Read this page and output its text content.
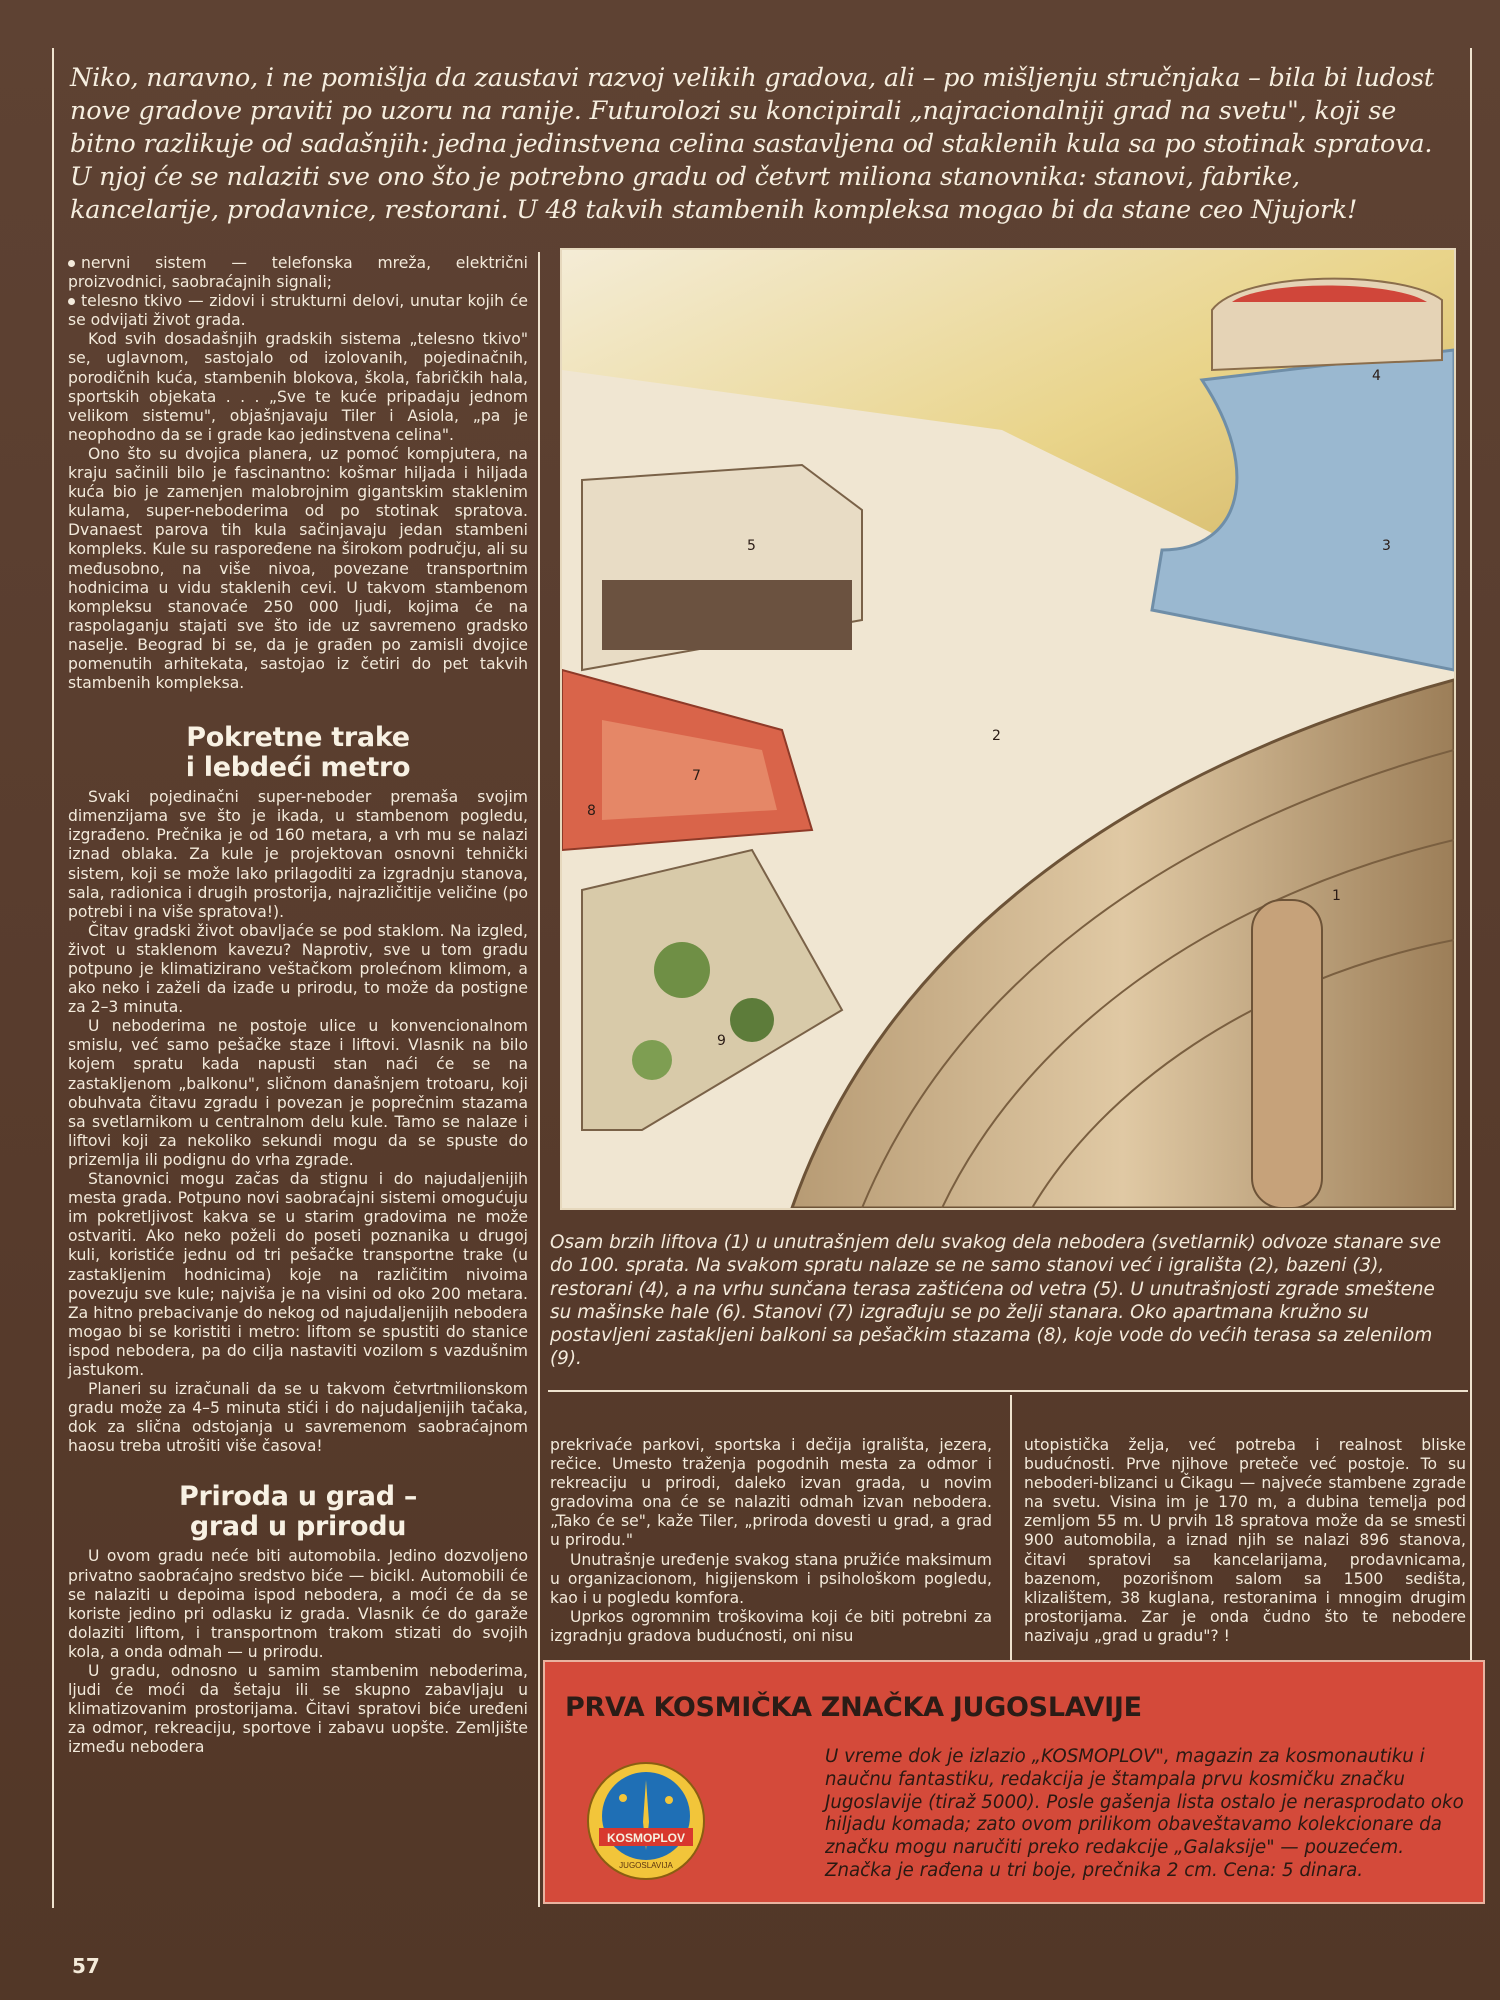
Niko, naravno, i ne pomišlja da zaustavi razvoj velikih gradova, ali – po mišljenju stručnjaka – bila bi ludost nove gradove praviti po uzoru na ranije. Futurolozi su koncipirali „najracionalniji grad na svetu", koji se bitno razlikuje od sadašnjih: jedna jedinstvena celina sastavljena od staklenih kula sa po stotinak spratova. U njoj će se nalaziti sve ono što je potrebno gradu od četvrt miliona stanovnika: stanovi, fabrike, kancelarije, prodavnice, restorani. U 48 takvih stambenih kompleksa mogao bi da stane ceo Njujork!

nervni sistem — telefonska mreža, električni proizvodnici, saobraćajnih signali;

telesno tkivo — zidovi i strukturni delovi, unutar kojih će se odvijati život grada.

Kod svih dosadašnjih gradskih sistema „telesno tkivo" se, uglavnom, sastojalo od izolovanih, pojedinačnih, porodičnih kuća, stambenih blokova, škola, fabričkih hala, sportskih objekata . . . „Sve te kuće pripadaju jednom velikom sistemu", objašnjavaju Tiler i Asiola, „pa je neophodno da se i grade kao jedinstvena celina".

Ono što su dvojica planera, uz pomoć kompjutera, na kraju sačinili bilo je fascinantno: košmar hiljada i hiljada kuća bio je zamenjen malobrojnim gigantskim staklenim kulama, super-neboderima od po stotinak spratova. Dvanaest parova tih kula sačinjavaju jedan stambeni kompleks. Kule su raspoređene na širokom području, ali su međusobno, na više nivoa, povezane transportnim hodnicima u vidu staklenih cevi. U takvom stambenom kompleksu stanovaće 250 000 ljudi, kojima će na raspolaganju stajati sve što ide uz savremeno gradsko naselje. Beograd bi se, da je građen po zamisli dvojice pomenutih arhitekata, sastojao iz četiri do pet takvih stambenih kompleksa.

Pokretne trake
i lebdeći metro

Svaki pojedinačni super-neboder premaša svojim dimenzijama sve što je ikada, u stambenom pogledu, izgrađeno. Prečnika je od 160 metara, a vrh mu se nalazi iznad oblaka. Za kule je projektovan osnovni tehnički sistem, koji se može lako prilagoditi za izgradnju stanova, sala, radionica i drugih prostorija, najrazličitije veličine (po potrebi i na više spratova!).

Čitav gradski život obavljaće se pod staklom. Na izgled, život u staklenom kavezu? Naprotiv, sve u tom gradu potpuno je klimatizirano veštačkom prolećnom klimom, a ako neko i zaželi da izađe u prirodu, to može da postigne za 2–3 minuta.

U neboderima ne postoje ulice u konvencionalnom smislu, već samo pešačke staze i liftovi. Vlasnik na bilo kojem spratu kada napusti stan naći će se na zastakljenom „balkonu", sličnom današnjem trotoaru, koji obuhvata čitavu zgradu i povezan je poprečnim stazama sa svetlarnikom u centralnom delu kule. Tamo se nalaze i liftovi koji za nekoliko sekundi mogu da se spuste do prizemlja ili podignu do vrha zgrade.

Stanovnici mogu začas da stignu i do najudaljenijih mesta grada. Potpuno novi saobraćajni sistemi omogućuju im pokretljivost kakva se u starim gradovima ne može ostvariti. Ako neko poželi do poseti poznanika u drugoj kuli, koristiće jednu od tri pešačke transportne trake (u zastakljenim hodnicima) koje na različitim nivoima povezuju sve kule; najviša je na visini od oko 200 metara. Za hitno prebacivanje do nekog od najudaljenijih nebodera mogao bi se koristiti i metro: liftom se spustiti do stanice ispod nebodera, pa do cilja nastaviti vozilom s vazdušnim jastukom.

Planeri su izračunali da se u takvom četvrtmilionskom gradu može za 4–5 minuta stići i do najudaljenijih tačaka, dok za slična odstojanja u savremenom saobraćajnom haosu treba utrošiti više časova!

Priroda u grad –
grad u prirodu

U ovom gradu neće biti automobila. Jedino dozvoljeno privatno saobraćajno sredstvo biće — bicikl. Automobili će se nalaziti u depoima ispod nebodera, a moći će da se koriste jedino pri odlasku iz grada. Vlasnik će do garaže dolaziti liftom, i transportnom trakom stizati do svojih kola, a onda odmah — u prirodu.

U gradu, odnosno u samim stambenim neboderima, ljudi će moći da šetaju ili se skupno zabavljaju u klimatizovanim prostorijama. Čitavi spratovi biće uređeni za odmor, rekreaciju, sportove i zabavu uopšte. Zemljište između nebodera

1
2
3
4
5
7
8
9
Osam brzih liftova (1) u unutrašnjem delu svakog dela nebodera (svetlarnik) odvoze stanare sve do 100. sprata. Na svakom spratu nalaze se ne samo stanovi već i igrališta (2), bazeni (3), restorani (4), a na vrhu sunčana terasa zaštićena od vetra (5). U unutrašnjosti zgrade smeštene su mašinske hale (6). Stanovi (7) izgrađuju se po želji stanara. Oko apartmana kružno su postavljeni zastakljeni balkoni sa pešačkim stazama (8), koje vode do većih terasa sa zelenilom (9).

prekrivaće parkovi, sportska i dečija igrališta, jezera, rečice. Umesto traženja pogodnih mesta za odmor i rekreaciju u prirodi, daleko izvan grada, u novim gradovima ona će se nalaziti odmah izvan nebodera. „Tako će se", kaže Tiler, „priroda dovesti u grad, a grad u prirodu."

Unutrašnje uređenje svakog stana pružiće maksimum u organizacionom, higijenskom i psihološkom pogledu, kao i u pogledu komfora.

Uprkos ogromnim troškovima koji će biti potrebni za izgradnju gradova budućnosti, oni nisu

utopistička želja, već potreba i realnost bliske budućnosti. Prve njihove preteče već postoje. To su neboderi-blizanci u Čikagu — najveće stambene zgrade na svetu. Visina im je 170 m, a dubina temelja pod zemljom 55 m. U prvih 18 spratova može da se smesti 900 automobila, a iznad njih se nalazi 896 stanova, čitavi spratovi sa kancelarijama, prodavnicama, bazenom, pozorišnom salom sa 1500 sedišta, klizalištem, 38 kuglana, restoranima i mnogim drugim prostorijama. Zar je onda čudno što te nebodere nazivaju „grad u gradu"? !

PRVA KOSMIČKA ZNAČKA JUGOSLAVIJE
KOSMOPLOV
JUGOSLAVIJA
U vreme dok je izlazio „KOSMOPLOV", magazin za kosmonautiku i naučnu fantastiku, redakcija je štampala prvu kosmičku značku Jugoslavije (tiraž 5000). Posle gašenja lista ostalo je nerasprodato oko hiljadu komada; zato ovom prilikom obaveštavamo kolekcionare da značku mogu naručiti preko redakcije „Galaksije" — pouzećem. Značka je rađena u tri boje, prečnika 2 cm. Cena: 5 dinara.
57
